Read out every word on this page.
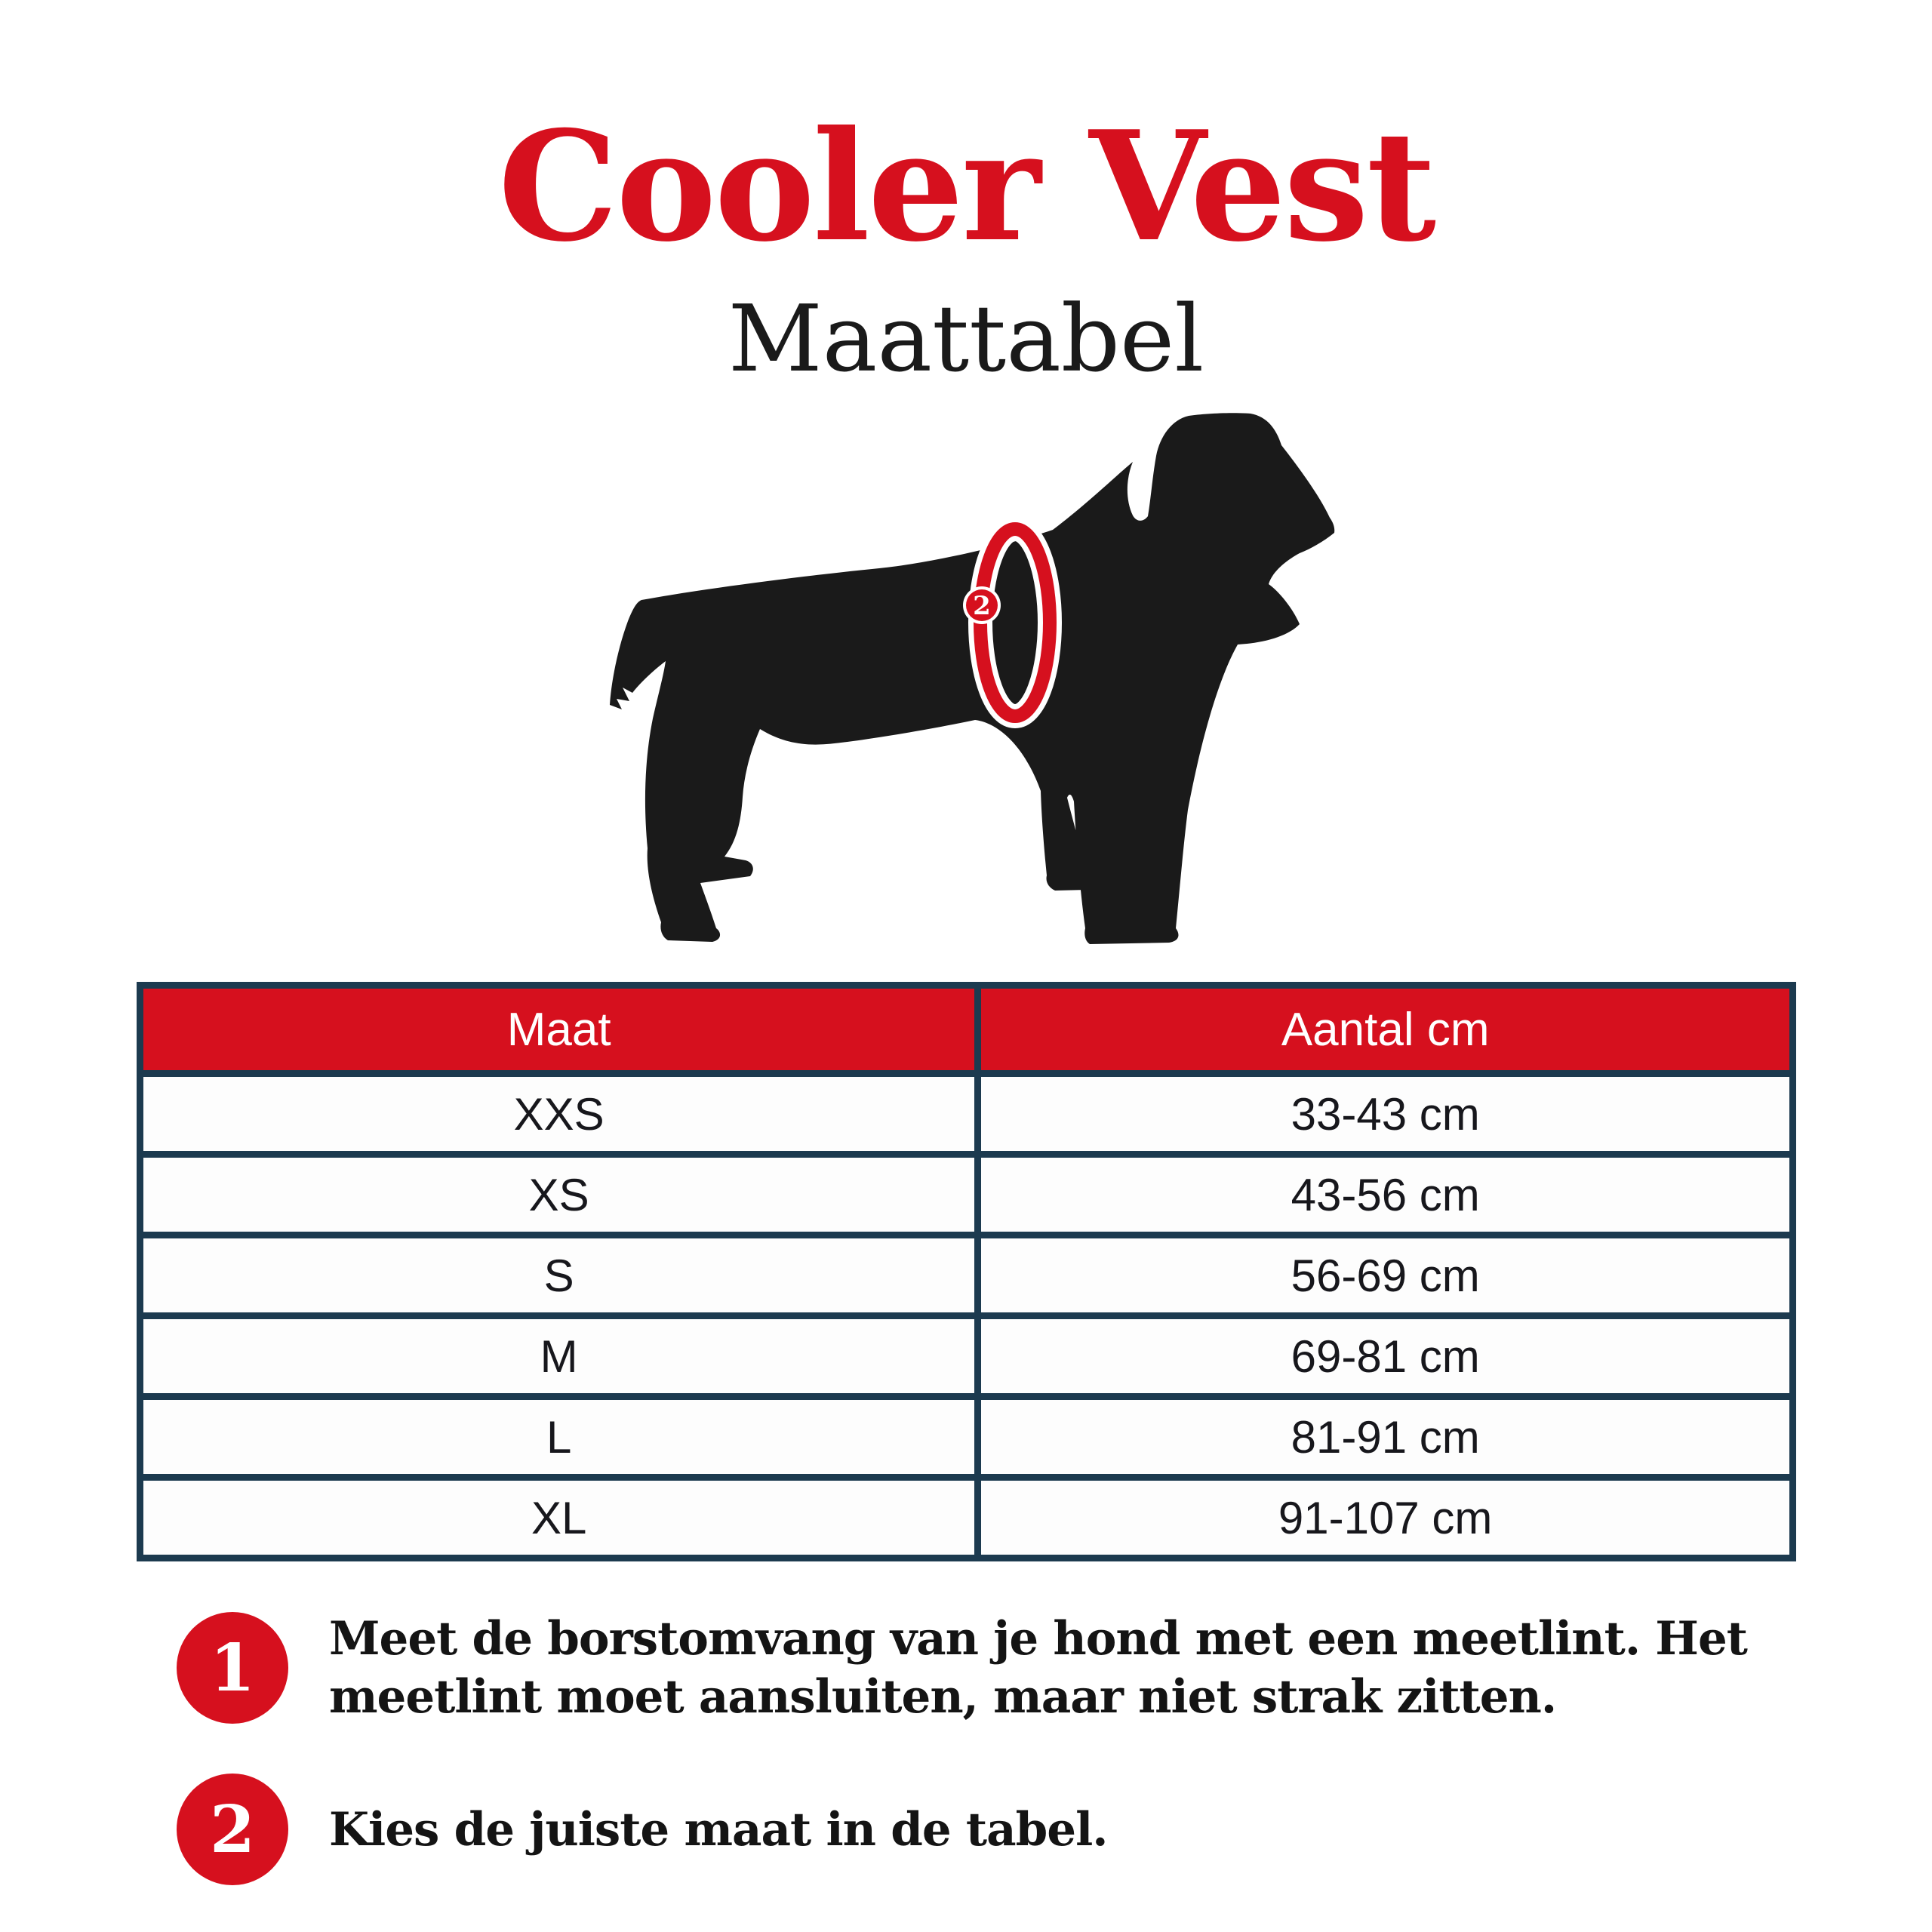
Cooler Vest
Maattabel
2
Maat	Aantal cm
XXS	33-43 cm
XS	43-56 cm
S	56-69 cm
M	69-81 cm
L	81-91 cm
XL	91-107 cm
1	Meet de borstomvang van je hond met een meetlint. Het
meetlint moet aansluiten, maar niet strak zitten.
2	Kies de juiste maat in de tabel.
